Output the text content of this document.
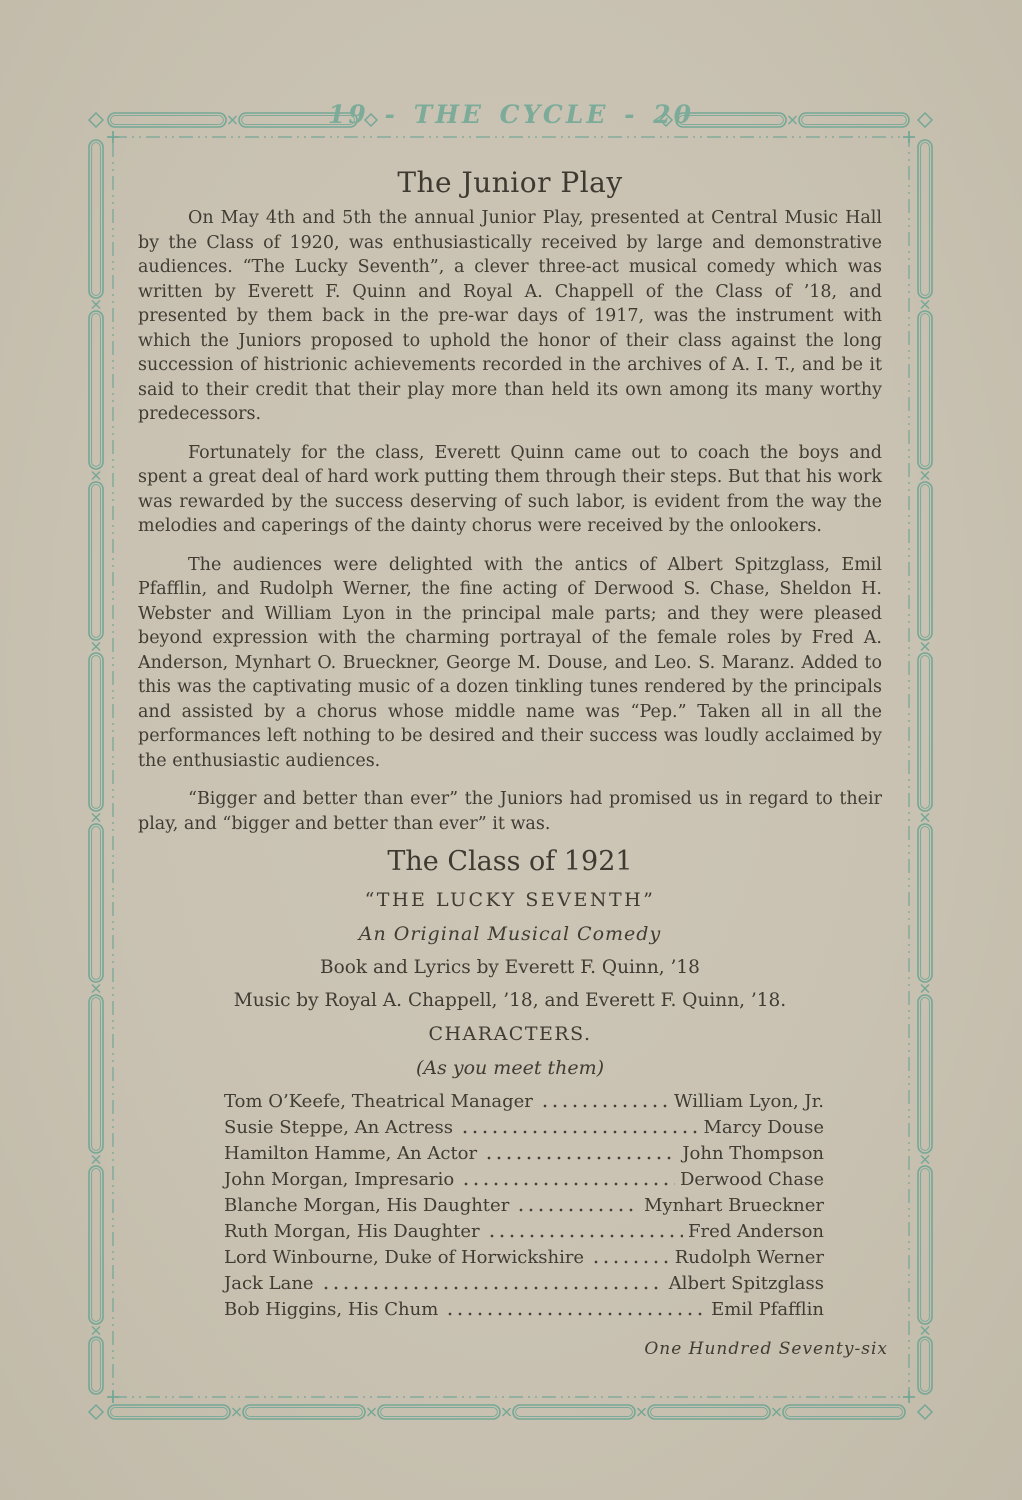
19 - THE CYCLE - 20
The Junior Play

On May 4th and 5th the annual Junior Play, presented at Central Music Hall by the Class of 1920, was enthusiastically received by large and demonstrative audiences. “The Lucky Seventh”, a clever three-act musical comedy which was written by Everett F. Quinn and Royal A. Chappell of the Class of ’18, and presented by them back in the pre-war days of 1917, was the instrument with which the Juniors proposed to uphold the honor of their class against the long succession of histrionic achievements recorded in the archives of A. I. T., and be it said to their credit that their play more than held its own among its many worthy predecessors.

Fortunately for the class, Everett Quinn came out to coach the boys and spent a great deal of hard work putting them through their steps. But that his work was rewarded by the success deserving of such labor, is evident from the way the melodies and caperings of the dainty chorus were received by the onlookers.

The audiences were delighted with the antics of Albert Spitzglass, Emil Pfafflin, and Rudolph Werner, the fine acting of Derwood S. Chase, Sheldon H. Webster and William Lyon in the principal male parts; and they were pleased beyond expression with the charming portrayal of the female roles by Fred A. Anderson, Mynhart O. Brueckner, George M. Douse, and Leo. S. Maranz. Added to this was the captivating music of a dozen tinkling tunes rendered by the principals and assisted by a chorus whose middle name was “Pep.” Taken all in all the performances left nothing to be desired and their success was loudly acclaimed by the enthusiastic audiences.

“Bigger and better than ever” the Juniors had promised us in regard to their play, and “bigger and better than ever” it was.

The Class of 1921
“THE LUCKY SEVENTH”
An Original Musical Comedy
Book and Lyrics by Everett F. Quinn, ’18
Music by Royal A. Chappell, ’18, and Everett F. Quinn, ’18.
CHARACTERS.
(As you meet them)
Tom O’Keefe, Theatrical Manager	William Lyon, Jr.
Susie Steppe, An Actress	Marcy Douse
Hamilton Hamme, An Actor	John Thompson
John Morgan, Impresario	Derwood Chase
Blanche Morgan, His Daughter	Mynhart Brueckner
Ruth Morgan, His Daughter	Fred Anderson
Lord Winbourne, Duke of Horwickshire	Rudolph Werner
Jack Lane	Albert Spitzglass
Bob Higgins, His Chum	Emil Pfafflin
One Hundred Seventy-six
